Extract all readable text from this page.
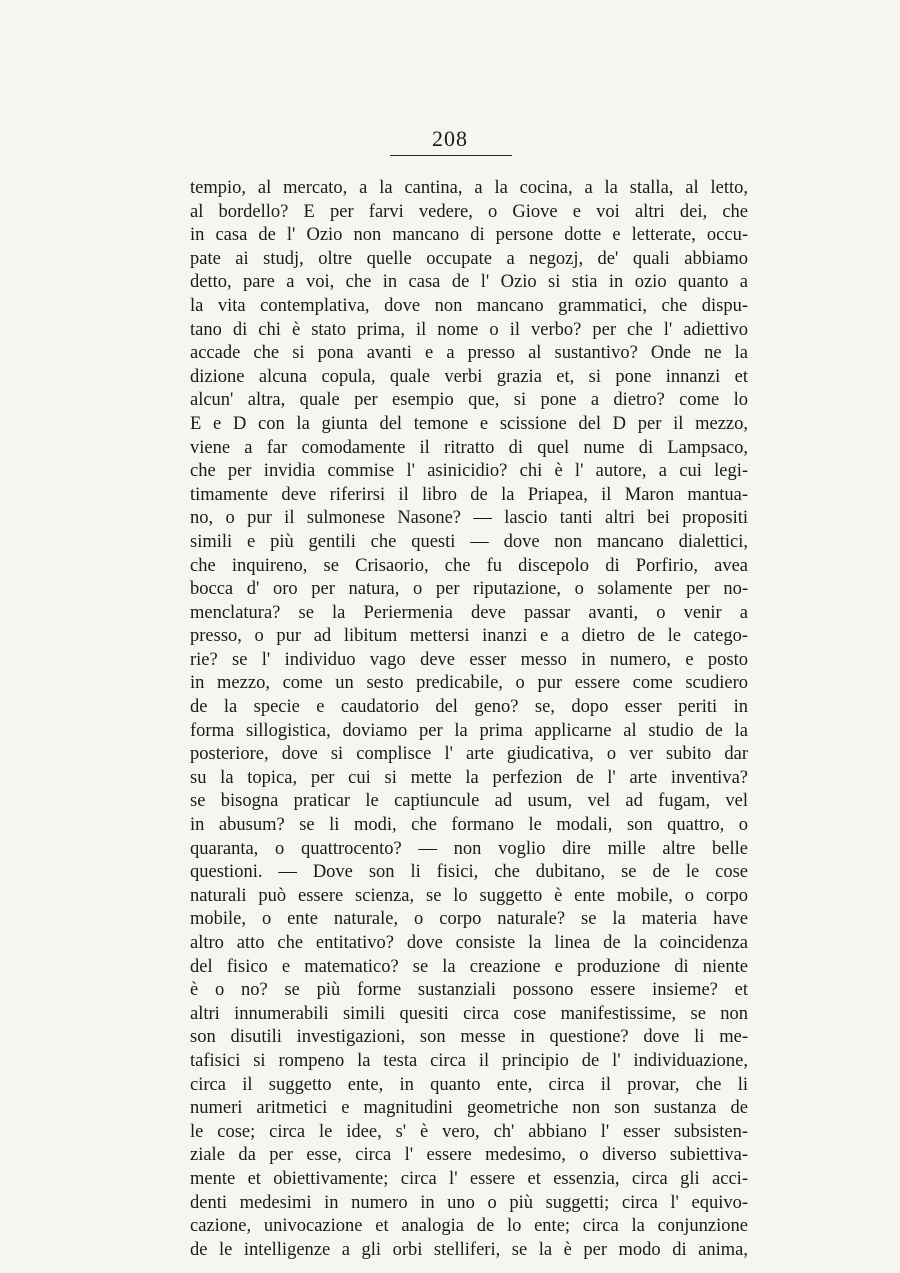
208
tempio, al mercato, a la cantina, a la cocina, a la stalla, al letto,
al bordello? E per farvi vedere, o Giove e voi altri dei, che
in casa de l' Ozio non mancano di persone dotte e letterate, occu-
pate ai studj, oltre quelle occupate a negozj, de' quali abbiamo
detto, pare a voi, che in casa de l' Ozio si stia in ozio quanto a
la vita contemplativa, dove non mancano grammatici, che dispu-
tano di chi è stato prima, il nome o il verbo? per che l' adiettivo
accade che si pona avanti e a presso al sustantivo? Onde ne la
dizione alcuna copula, quale verbi grazia et, si pone innanzi et
alcun' altra, quale per esempio que, si pone a dietro? come lo
E e D con la giunta del temone e scissione del D per il mezzo,
viene a far comodamente il ritratto di quel nume di Lampsaco,
che per invidia commise l' asinicidio? chi è l' autore, a cui legi-
timamente deve riferirsi il libro de la Priapea, il Maron mantua-
no, o pur il sulmonese Nasone? — lascio tanti altri bei propositi
simili e più gentili che questi — dove non mancano dialettici,
che inquireno, se Crisaorio, che fu discepolo di Porfirio, avea
bocca d' oro per natura, o per riputazione, o solamente per no-
menclatura? se la Periermenia deve passar avanti, o venir a
presso, o pur ad libitum mettersi inanzi e a dietro de le catego-
rie? se l' individuo vago deve esser messo in numero, e posto
in mezzo, come un sesto predicabile, o pur essere come scudiero
de la specie e caudatorio del geno? se, dopo esser periti in
forma sillogistica, doviamo per la prima applicarne al studio de la
posteriore, dove si complisce l' arte giudicativa, o ver subito dar
su la topica, per cui si mette la perfezion de l' arte inventiva?
se bisogna praticar le captiuncule ad usum, vel ad fugam, vel
in abusum? se li modi, che formano le modali, son quattro, o
quaranta, o quattrocento? — non voglio dire mille altre belle
questioni. — Dove son li fisici, che dubitano, se de le cose
naturali può essere scienza, se lo suggetto è ente mobile, o corpo
mobile, o ente naturale, o corpo naturale? se la materia have
altro atto che entitativo? dove consiste la linea de la coincidenza
del fisico e matematico? se la creazione e produzione di niente
è o no? se più forme sustanziali possono essere insieme? et
altri innumerabili simili quesiti circa cose manifestissime, se non
son disutili investigazioni, son messe in questione? dove li me-
tafisici si rompeno la testa circa il principio de l' individuazione,
circa il suggetto ente, in quanto ente, circa il provar, che li
numeri aritmetici e magnitudini geometriche non son sustanza de
le cose; circa le idee, s' è vero, ch' abbiano l' esser subsisten-
ziale da per esse, circa l' essere medesimo, o diverso subiettiva-
mente et obiettivamente; circa l' essere et essenzia, circa gli acci-
denti medesimi in numero in uno o più suggetti; circa l' equivo-
cazione, univocazione et analogia de lo ente; circa la conjunzione
de le intelligenze a gli orbi stelliferi, se la è per modo di anima,
